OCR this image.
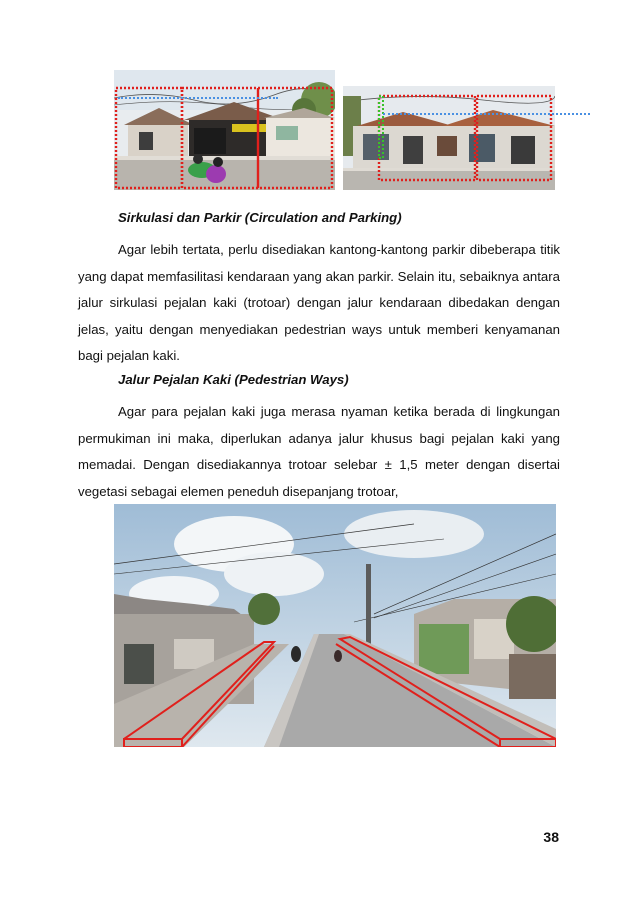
Sirkulasi dan Parkir (Circulation and Parking)

Agar lebih tertata, perlu disediakan kantong-kantong parkir dibeberapa titik yang dapat memfasilitasi kendaraan yang akan parkir. Selain itu, sebaiknya antara jalur sirkulasi pejalan kaki (trotoar) dengan jalur kendaraan dibedakan dengan jelas, yaitu dengan menyediakan pedestrian ways untuk memberi kenyamanan bagi pejalan kaki.

Jalur Pejalan Kaki (Pedestrian Ways)

Agar para pejalan kaki juga merasa nyaman ketika berada di lingkungan permukiman ini maka, diperlukan adanya jalur khusus bagi pejalan kaki yang memadai. Dengan disediakannya trotoar selebar ± 1,5 meter dengan disertai vegetasi sebagai elemen peneduh disepanjang trotoar,

38
